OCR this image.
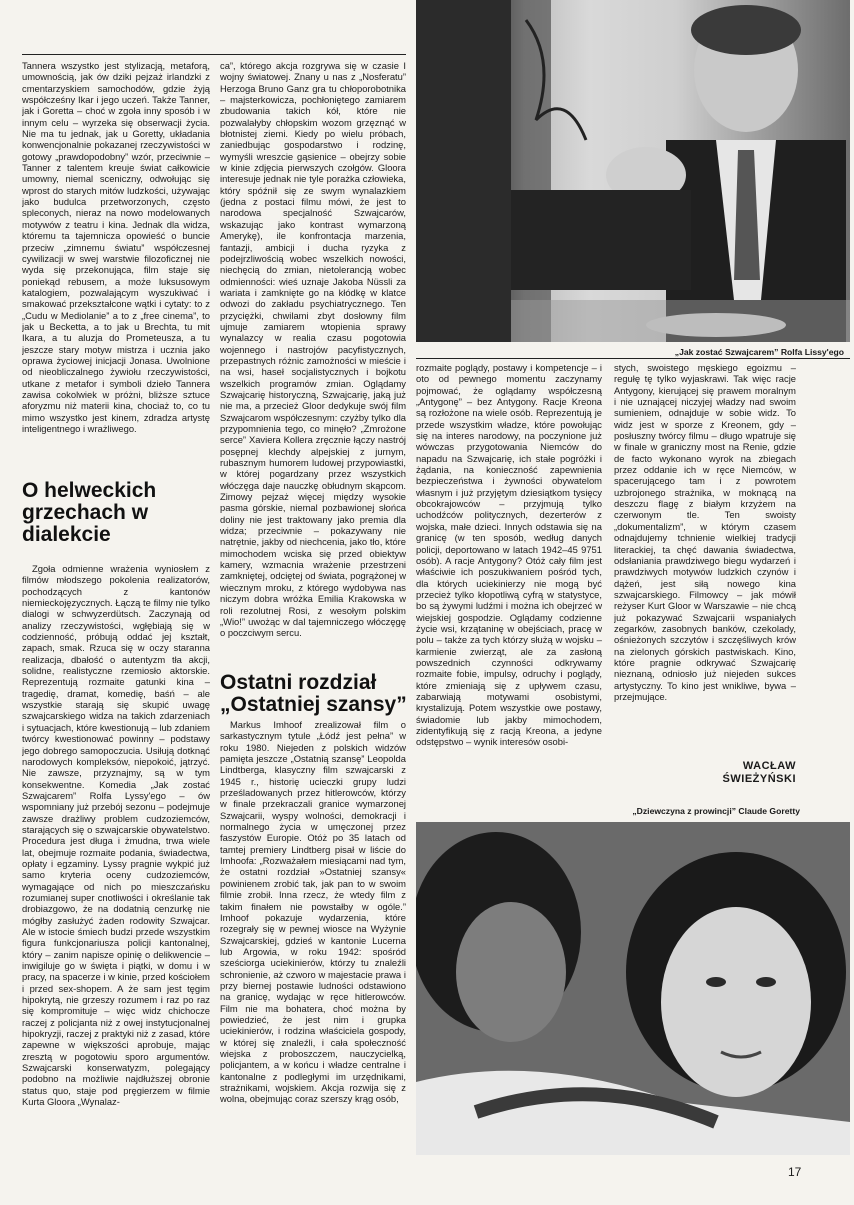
Tannera wszystko jest stylizacją, metaforą, umownością, jak ów dziki pejzaż irlandzki z cmentarzyskiem samochodów, gdzie żyją współcześny Ikar i jego uczeń. Także Tanner, jak i Goretta – choć w zgoła inny sposób i w innym celu – wyrzeka się obserwacji życia. Nie ma tu jednak, jak u Goretty, układania konwencjonalnie pokazanej rzeczywistości w gotowy „prawdopodobny” wzór, przeciwnie – Tanner z talentem kreuje świat całkowicie umowny, niemal sceniczny, odwołując się wprost do starych mitów ludzkości, używając jako budulca przetworzonych, często spleconych, nieraz na nowo modelowanych motywów z teatru i kina. Jednak dla widza, któremu ta tajemnicza opowieść o buncie przeciw „zimnemu światu” współczesnej cywilizacji w swej warstwie filozoficznej nie wyda się przekonująca, film staje się poniekąd rebusem, a może luksusowym katalogiem, pozwalającym wyszukiwać i smakować przekształcone wątki i cytaty: to z „Cudu w Mediolanie” a to z „free cinema”, to jak u Becketta, a to jak u Brechta, tu mit Ikara, a tu aluzja do Prometeusza, a tu jeszcze stary motyw mistrza i ucznia jako oprawa życiowej inicjacji Jonasa. Uwolnione od nieobliczalnego żywiołu rzeczywistości, utkane z metafor i symboli dzieło Tannera zawisa cokolwiek w próżni, bliższe sztuce aforyzmu niż materii kina, chociaż to, co tu mimo wszystko jest kinem, zdradza artystę inteligentnego i wrażliwego.

O helweckich grzechach w dialekcie

Zgoła odmienne wrażenia wyniosłem z filmów młodszego pokolenia realizatorów, pochodzących z kantonów niemieckojęzycznych. Łączą te filmy nie tylko dialogi w schwyzerdütsch. Zaczynają od analizy rzeczywistości, wgłębiają się w codzienność, próbują oddać jej kształt, zapach, smak. Rzuca się w oczy staranna realizacja, dbałość o autentyzm tła akcji, solidne, realistyczne rzemiosło aktorskie. Reprezentują rozmaite gatunki kina – tragedię, dramat, komedię, baśń – ale wszystkie starają się skupić uwagę szwajcarskiego widza na takich zdarzeniach i sytuacjach, które kwestionują – lub zdaniem twórcy kwestionować powinny – podstawy jego dobrego samopoczucia. Usiłują dotknąć narodowych kompleksów, niepokoić, jątrzyć. Nie zawsze, przyznajmy, są w tym konsekwentne. Komedia „Jak zostać Szwajcarem” Rolfa Lyssy'ego – ów wspomniany już przebój sezonu – podejmuje zawsze drażliwy problem cudzoziemców, starających się o szwajcarskie obywatelstwo. Procedura jest długa i żmudna, trwa wiele lat, obejmuje rozmaite podania, świadectwa, opłaty i egzaminy. Lyssy pragnie wykpić już samo kryteria oceny cudzoziemców, wymagające od nich po mieszczańsku rozumianej super cnotliwości i określanie tak drobiazgowo, że na dodatnią cenzurkę nie mógłby zasłużyć żaden rodowity Szwajcar. Ale w istocie śmiech budzi przede wszystkim figura funkcjonariusza policji kantonalnej, który – zanim napisze opinię o delikwencie – inwigiluje go w święta i piątki, w domu i w pracy, na spacerze i w kinie, przed kościołem i przed sex-shopem. A że sam jest tęgim hipokrytą, nie grzeszy rozumem i raz po raz się kompromituje – więc widz chichocze raczej z policjanta niż z owej instytucjonalnej hipokryzji, raczej z praktyki niż z zasad, które zapewne w większości aprobuje, mając zresztą w pogotowiu sporo argumentów. Szwajcarski konserwatyzm, polegający podobno na możliwie najdłuższej obronie status quo, staje pod pręgierzem w filmie Kurta Gloora „Wynalaz-

ca”, którego akcja rozgrywa się w czasie I wojny światowej. Znany u nas z „Nosferatu” Herzoga Bruno Ganz gra tu chłoporobotnika – majsterkowicza, pochłoniętego zamiarem zbudowania takich kół, które nie pozwalałyby chłopskim wozom grzęznąć w błotnistej ziemi. Kiedy po wielu próbach, zaniedbując gospodarstwo i rodzinę, wymyśli wreszcie gąsienice – obejrzy sobie w kinie zdjęcia pierwszych czołgów. Gloora interesuje jednak nie tyle porażka człowieka, który spóźnił się ze swym wynalazkiem (jedna z postaci filmu mówi, że jest to narodowa specjalność Szwajcarów, wskazując jako kontrast wymarzoną Amerykę), ile konfrontacja marzenia, fantazji, ambicji i ducha ryzyka z podejrzliwością wobec wszelkich nowości, niechęcią do zmian, nietolerancją wobec odmienności: wieś uznaje Jakoba Nüssli za wariata i zamknięte go na kłódkę w klatce odwozi do zakładu psychiatrycznego. Ten przyciężki, chwilami zbyt dosłowny film ujmuje zamiarem wtopienia sprawy wynalazcy w realia czasu pogotowia wojennego i nastrojów pacyfistycznych, przepastnych różnic zamożności w mieście i na wsi, haseł socjalistycznych i bojkotu wszelkich programów zmian. Oglądamy Szwajcarię historyczną, Szwajcarię, jaką już nie ma, a przecież Gloor dedykuje swój film Szwajcarom współczesnym: czyżby tylko dla przypomnienia tego, co minęło? „Zmrożone serce” Xaviera Kollera zręcznie łączy nastrój posępnej klechdy alpejskiej z jurnym, rubasznym humorem ludowej przypowiastki, w której pogardzany przez wszystkich włóczęga daje nauczkę obłudnym skąpcom. Zimowy pejzaż więcej między wysokie pasma górskie, niemal pozbawionej słońca doliny nie jest traktowany jako premia dla widza; przeciwnie – pokazywany nie natrętnie, jakby od niechcenia, jako tło, które mimochodem wciska się przed obiektyw kamery, wzmacnia wrażenie przestrzeni zamkniętej, odciętej od świata, pogrążonej w wiecznym mroku, z którego wydobywa nas niczym dobra wróżka Emilia Krakowska w roli rezolutnej Rosi, z wesołym polskim „Wio!” uwożąc w dal tajemniczego włóczęgę o poczciwym sercu.

Ostatni rozdział „Ostatniej szansy”

Markus Imhoof zrealizował film o sarkastycznym tytule „Łódź jest pełna” w roku 1980. Niejeden z polskich widzów pamięta jeszcze „Ostatnią szansę” Leopolda Lindtberga, klasyczny film szwajcarski z 1945 r., historię ucieczki grupy ludzi prześladowanych przez hitlerowców, którzy w finale przekraczali granice wymarzonej Szwajcarii, wyspy wolności, demokracji i normalnego życia w umęczonej przez faszystów Europie. Otóż po 35 latach od tamtej premiery Lindtberg pisał w liście do Imhoofa: „Rozważałem miesiącami nad tym, że ostatni rozdział »Ostatniej szansy« powinienem zrobić tak, jak pan to w swoim filmie zrobił. Inna rzecz, że wtedy film z takim finałem nie powstałby w ogóle.” Imhoof pokazuje wydarzenia, które rozegrały się w pewnej wiosce na Wyżynie Szwajcarskiej, gdzieś w kantonie Lucerna lub Argowia, w roku 1942: spośród sześciorga uciekinierów, którzy tu znaleźli schronienie, aż czworo w majestacie prawa i przy biernej postawie ludności odstawiono na granicę, wydając w ręce hitlerowców. Film nie ma bohatera, choć można by powiedzieć, że jest nim i grupka uciekinierów, i rodzina właściciela gospody, w której się znaleźli, i cała społeczność wiejska z proboszczem, nauczycielką, policjantem, a w końcu i władze centralne i kantonalne z podległymi im urzędnikami, strażnikami, wojskiem. Akcja rozwija się z wolna, obejmując coraz szerszy krąg osób,

„Jak zostać Szwajcarem” Rolfa Lissy'ego

rozmaite poglądy, postawy i kompetencje – i oto od pewnego momentu zaczynamy pojmować, że oglądamy współczesną „Antygonę” – bez Antygony. Racje Kreona są rozłożone na wiele osób. Reprezentują je przede wszystkim władze, które powołując się na interes narodowy, na poczynione już wówczas przygotowania Niemców do napadu na Szwajcarię, ich stałe pogróżki i żądania, na konieczność zapewnienia bezpieczeństwa i żywności obywatelom własnym i już przyjętym dziesiątkom tysięcy obcokrajowców – przyjmują tylko uchodźców politycznych, dezerterów z wojska, małe dzieci. Innych odstawia się na granicę (w ten sposób, według danych policji, deportowano w latach 1942–45 9751 osób). A racje Antygony? Otóż cały film jest właściwie ich poszukiwaniem pośród tych, dla których uciekinierzy nie mogą być przecież tylko kłopotliwą cyfrą w statystyce, bo są żywymi ludźmi i można ich obejrzeć w wiejskiej gospodzie. Oglądamy codzienne życie wsi, krzątaninę w obejściach, pracę w polu – także za tych którzy służą w wojsku – karmienie zwierząt, ale za zasłoną powszednich czynności odkrywamy rozmaite fobie, impulsy, odruchy i poglądy, które zmieniają się z upływem czasu, zabarwiają motywami osobistymi, krystalizują. Potem wszystkie owe postawy, świadomie lub jakby mimochodem, zidentyfikują się z racją Kreona, a jedyne odstępstwo – wynik interesów osobi-

stych, swoistego męskiego egoizmu – regułę tę tylko wyjaskrawi. Tak więc racje Antygony, kierującej się prawem moralnym i nie uznającej niczyjej władzy nad swoim sumieniem, odnajduje w sobie widz. To widz jest w sporze z Kreonem, gdy – posłuszny twórcy filmu – długo wpatruje się w finale w graniczny most na Renie, gdzie de facto wykonano wyrok na zbiegach przez oddanie ich w ręce Niemców, w spacerującego tam i z powrotem uzbrojonego strażnika, w moknącą na deszczu flagę z białym krzyżem na czerwonym tle. Ten swoisty „dokumentalizm”, w którym czasem odnajdujemy tchnienie wielkiej tradycji literackiej, ta chęć dawania świadectwa, odsłaniania prawdziwego biegu wydarzeń i prawdziwych motywów ludzkich czynów i dążeń, jest siłą nowego kina szwajcarskiego. Filmowcy – jak mówił reżyser Kurt Gloor w Warszawie – nie chcą już pokazywać Szwajcarii wspaniałych zegarków, zasobnych banków, czekolady, ośnieżonych szczytów i szczęśliwych krów na zielonych górskich pastwiskach. Kino, które pragnie odkrywać Szwajcarię nieznaną, odniosło już niejeden sukces artystyczny. To kino jest wnikliwe, bywa – przejmujące.

WACŁAW ŚWIEŻYŃSKI
„Dziewczyna z prowincji” Claude Goretty
17
